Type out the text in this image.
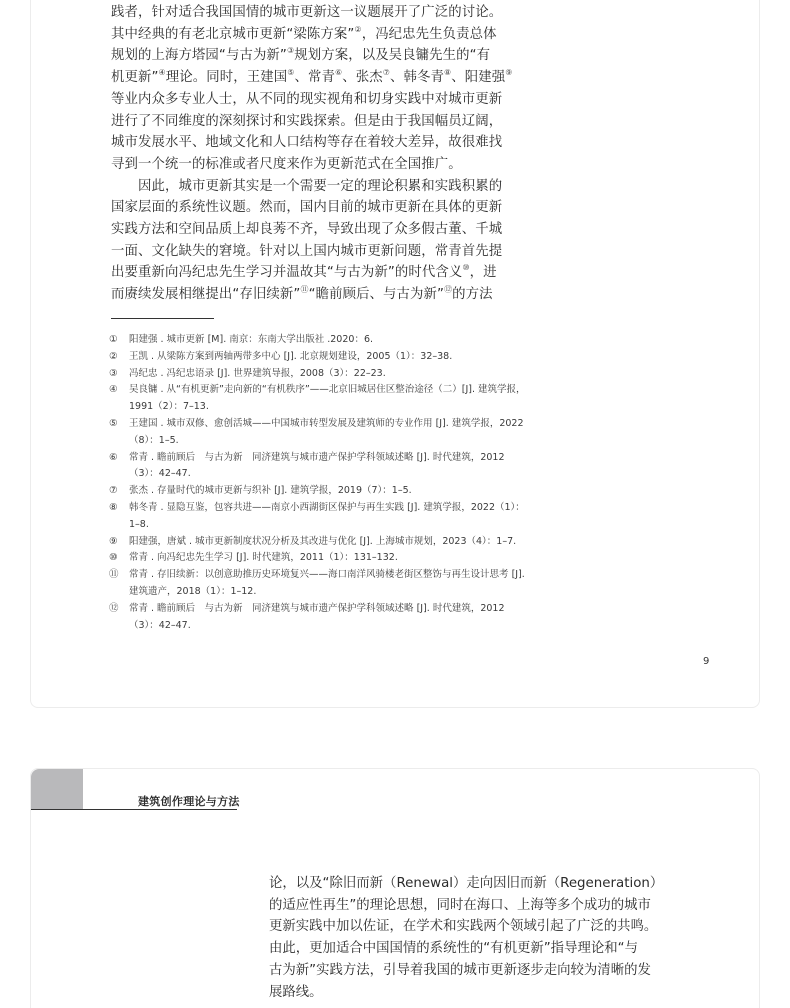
践者，针对适合我国国情的城市更新这一议题展开了广泛的讨论。
其中经典的有老北京城市更新“梁陈方案”②，冯纪忠先生负责总体
规划的上海方塔园“与古为新”③规划方案，以及吴良镛先生的“有
机更新”④理论。同时，王建国⑤、常青⑥、张杰⑦、韩冬青⑧、阳建强⑨
等业内众多专业人士，从不同的现实视角和切身实践中对城市更新
进行了不同维度的深刻探讨和实践探索。但是由于我国幅员辽阔，
城市发展水平、地域文化和人口结构等存在着较大差异，故很难找
寻到一个统一的标准或者尺度来作为更新范式在全国推广。

因此，城市更新其实是一个需要一定的理论积累和实践积累的
国家层面的系统性议题。然而，国内目前的城市更新在具体的更新
实践方法和空间品质上却良莠不齐，导致出现了众多假古董、千城
一面、文化缺失的窘境。针对以上国内城市更新问题，常青首先提
出要重新向冯纪忠先生学习并温故其“与古为新”的时代含义⑩，进
而赓续发展相继提出“存旧续新”⑪“瞻前顾后、与古为新”⑫的方法

①	阳建强 . 城市更新 [M]. 南京：东南大学出版社 .2020：6.
②	王凯 . 从梁陈方案到两轴两带多中心 [J]. 北京规划建设，2005（1）：32–38.
③	冯纪忠 . 冯纪忠语录 [J]. 世界建筑导报，2008（3）：22–23.
④	吴良镛 . 从“有机更新”走向新的“有机秩序”——北京旧城居住区整治途径（二）[J]. 建筑学报，1991（2）：7–13.
⑤	王建国 . 城市双修、愈创活城——中国城市转型发展及建筑师的专业作用 [J]. 建筑学报，2022（8）：1–5.
⑥	常青 . 瞻前顾后　与古为新　同济建筑与城市遗产保护学科领域述略 [J]. 时代建筑，2012（3）：42–47.
⑦	张杰 . 存量时代的城市更新与织补 [J]. 建筑学报，2019（7）：1–5.
⑧	韩冬青 . 显隐互鉴，包容共进——南京小西湖街区保护与再生实践 [J]. 建筑学报，2022（1）：1–8.
⑨	阳建强，唐斌 . 城市更新制度状况分析及其改进与优化 [J]. 上海城市规划，2023（4）：1–7.
⑩	常青 . 向冯纪忠先生学习 [J]. 时代建筑，2011（1）：131–132.
⑪	常青 . 存旧续新：以创意助推历史环境复兴——海口南洋风骑楼老街区整饬与再生设计思考 [J]. 建筑遗产，2018（1）：1–12.
⑫	常青 . 瞻前顾后　与古为新　同济建筑与城市遗产保护学科领域述略 [J]. 时代建筑，2012（3）：42–47.
9
建筑创作理论与方法

论，以及“除旧而新（Renewal）走向因旧而新（Regeneration）
的适应性再生”的理论思想，同时在海口、上海等多个成功的城市
更新实践中加以佐证，在学术和实践两个领域引起了广泛的共鸣。
由此，更加适合中国国情的系统性的“有机更新”指导理论和“与
古为新”实践方法，引导着我国的城市更新逐步走向较为清晰的发
展路线。
